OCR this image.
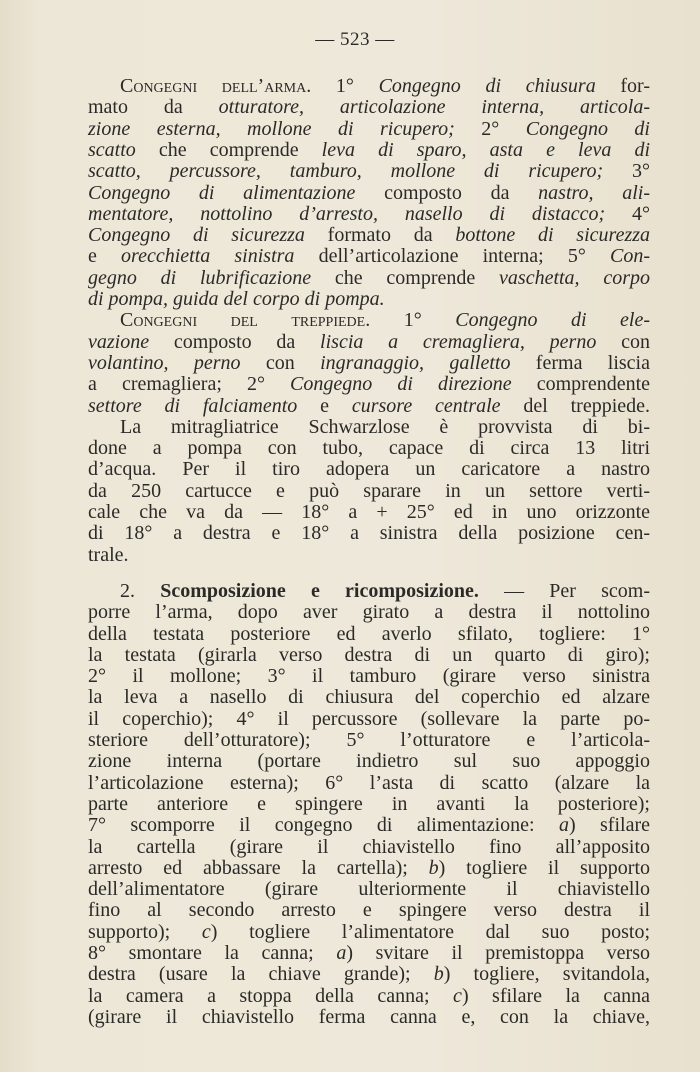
— 523 —
Congegni dell’arma. 1° Congegno di chiusura for-
mato da otturatore, articolazione interna, articola-
zione esterna, mollone di ricupero; 2° Congegno di
scatto che comprende leva di sparo, asta e leva di
scatto, percussore, tamburo, mollone di ricupero; 3°
Congegno di alimentazione composto da nastro, ali-
mentatore, nottolino d’arresto, nasello di distacco; 4°
Congegno di sicurezza formato da bottone di sicurezza
e orecchietta sinistra dell’articolazione interna; 5° Con-
gegno di lubrificazione che comprende vaschetta, corpo
di pompa, guida del corpo di pompa.
Congegni del treppiede. 1° Congegno di ele-
vazione composto da liscia a cremagliera, perno con
volantino, perno con ingranaggio, galletto ferma liscia
a cremagliera; 2° Congegno di direzione comprendente
settore di falciamento e cursore centrale del treppiede.
La mitragliatrice Schwarzlose è provvista di bi-
done a pompa con tubo, capace di circa 13 litri
d’acqua. Per il tiro adopera un caricatore a nastro
da 250 cartucce e può sparare in un settore verti-
cale che va da — 18° a + 25° ed in uno orizzonte
di 18° a destra e 18° a sinistra della posizione cen-
trale.
2. Scomposizione e ricomposizione. — Per scom-
porre l’arma, dopo aver girato a destra il nottolino
della testata posteriore ed averlo sfilato, togliere: 1°
la testata (girarla verso destra di un quarto di giro);
2° il mollone; 3° il tamburo (girare verso sinistra
la leva a nasello di chiusura del coperchio ed alzare
il coperchio); 4° il percussore (sollevare la parte po-
steriore dell’otturatore); 5° l’otturatore e l’articola-
zione interna (portare indietro sul suo appoggio
l’articolazione esterna); 6° l’asta di scatto (alzare la
parte anteriore e spingere in avanti la posteriore);
7° scomporre il congegno di alimentazione: a) sfilare
la cartella (girare il chiavistello fino all’apposito
arresto ed abbassare la cartella); b) togliere il supporto
dell’alimentatore (girare ulteriormente il chiavistello
fino al secondo arresto e spingere verso destra il
supporto); c) togliere l’alimentatore dal suo posto;
8° smontare la canna; a) svitare il premistoppa verso
destra (usare la chiave grande); b) togliere, svitandola,
la camera a stoppa della canna; c) sfilare la canna
(girare il chiavistello ferma canna e, con la chiave,
